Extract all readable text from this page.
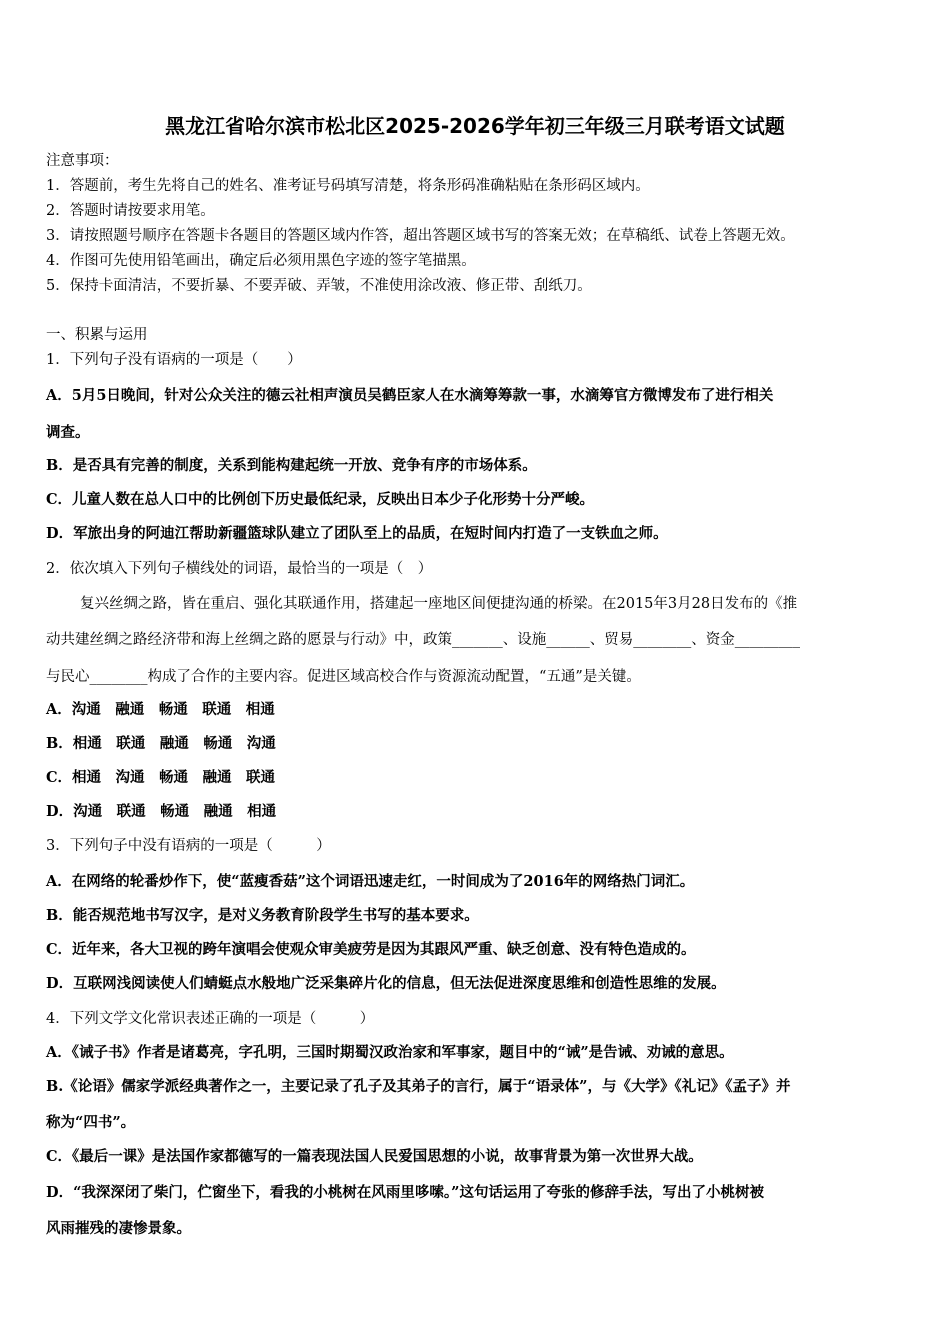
黑龙江省哈尔滨市松北区2025-2026学年初三年级三月联考语文试题
注意事项：
1．答题前，考生先将自己的姓名、准考证号码填写清楚，将条形码准确粘贴在条形码区域内。
2．答题时请按要求用笔。
3．请按照题号顺序在答题卡各题目的答题区域内作答，超出答题区域书写的答案无效；在草稿纸、试卷上答题无效。
4．作图可先使用铅笔画出，确定后必须用黑色字迹的签字笔描黑。
5．保持卡面清洁，不要折暴、不要弄破、弄皱，不准使用涂改液、修正带、刮纸刀。
一、积累与运用
1．下列句子没有语病的一项是（　　）
A．5月5日晚间，针对公众关注的德云社相声演员吴鹤臣家人在水滴筹筹款一事，水滴筹官方微博发布了进行相关
调查。
B．是否具有完善的制度，关系到能构建起统一开放、竞争有序的市场体系。
C．儿童人数在总人口中的比例创下历史最低纪录，反映出日本少子化形势十分严峻。
D．军旅出身的阿迪江帮助新疆篮球队建立了团队至上的品质，在短时间内打造了一支铁血之师。
2．依次填入下列句子横线处的词语，最恰当的一项是（　）
复兴丝绸之路，皆在重启、强化其联通作用，搭建起一座地区间便捷沟通的桥梁。在2015年3月28日发布的《推
动共建丝绸之路经济带和海上丝绸之路的愿景与行动》中，政策_______、设施______、贸易________、资金_________
与民心________构成了合作的主要内容。促进区域高校合作与资源流动配置，“五通”是关键。
A．沟通　融通　畅通　联通　相通
B．相通　联通　融通　畅通　沟通
C．相通　沟通　畅通　融通　联通
D．沟通　联通　畅通　融通　相通
3．下列句子中没有语病的一项是（　　　）
A．在网络的轮番炒作下，使“蓝瘦香菇”这个词语迅速走红，一时间成为了2016年的网络热门词汇。
B．能否规范地书写汉字，是对义务教育阶段学生书写的基本要求。
C．近年来，各大卫视的跨年演唱会使观众审美疲劳是因为其跟风严重、缺乏创意、没有特色造成的。
D．互联网浅阅读使人们蜻蜓点水般地广泛采集碎片化的信息，但无法促进深度思维和创造性思维的发展。
4．下列文学文化常识表述正确的一项是（　　　）
A．《诫子书》作者是诸葛亮，字孔明，三国时期蜀汉政治家和军事家，题目中的“诫”是告诫、劝诫的意思。
B.《论语》儒家学派经典著作之一，主要记录了孔子及其弟子的言行，属于“语录体”，与《大学》《礼记》《孟子》并
称为“四书”。
C．《最后一课》是法国作家都德写的一篇表现法国人民爱国思想的小说，故事背景为第一次世界大战。
D．“我深深闭了柴门，伫窗坐下，看我的小桃树在风雨里哆嗦。”这句话运用了夸张的修辞手法，写出了小桃树被
风雨摧残的凄惨景象。
